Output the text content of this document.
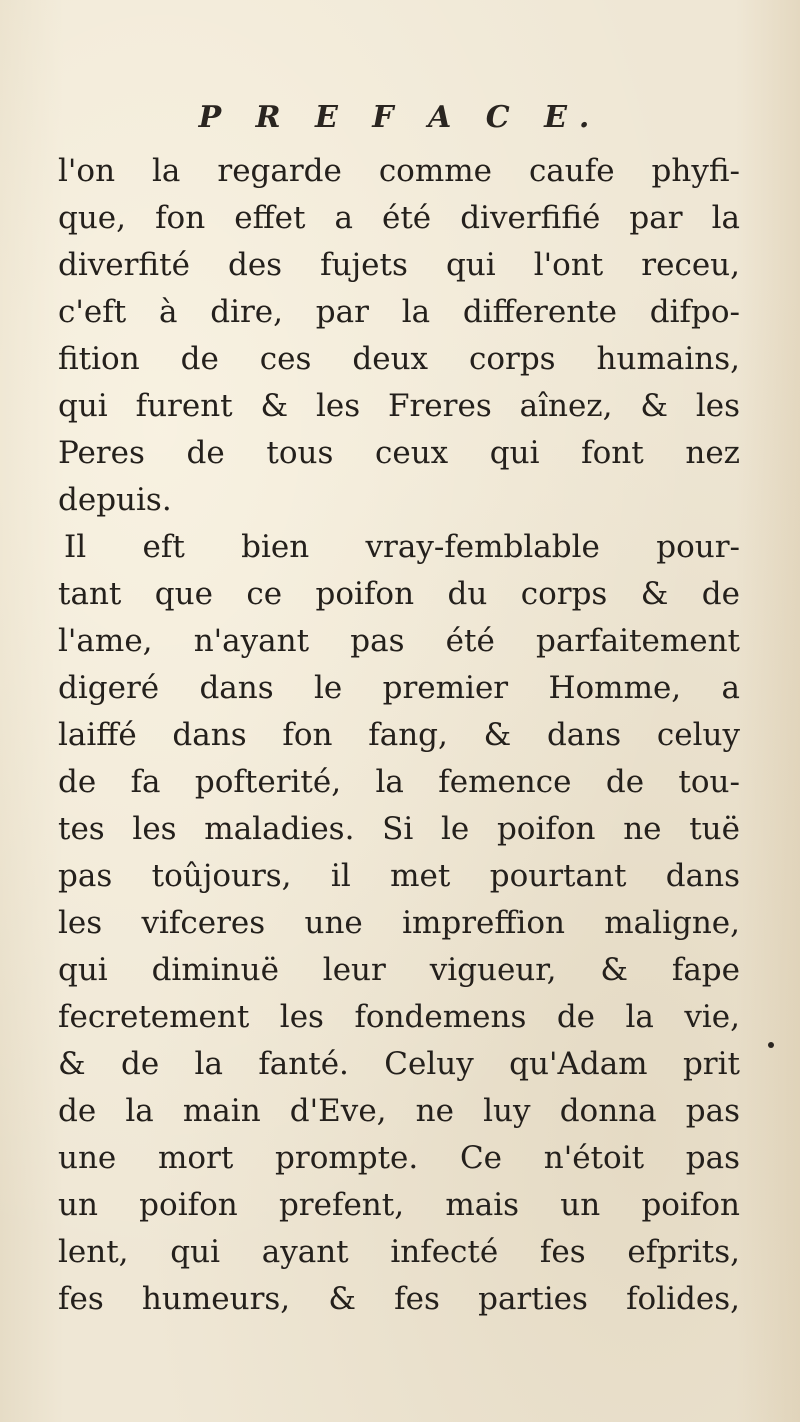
P R E F A C E.
l'on la regarde comme caufe phyfi-
que, fon effet a été diverfifié par la
diverfité des fujets qui l'ont receu,
c'eft à dire, par la differente difpo-
fition de ces deux corps humains,
qui furent & les Freres aînez, & les
Peres de tous ceux qui font nez
depuis.
Il eft bien vray-femblable pour-
tant que ce poifon du corps & de
l'ame, n'ayant pas été parfaitement
digeré dans le premier Homme, a
laiffé dans fon fang, & dans celuy
de fa pofterité, la femence de tou-
tes les maladies. Si le poifon ne tuë
pas toûjours, il met pourtant dans
les vifceres une impreffion maligne,
qui diminuë leur vigueur, & fape
fecretement les fondemens de la vie,
& de la fanté. Celuy qu'Adam prit
de la main d'Eve, ne luy donna pas
une mort prompte. Ce n'étoit pas
un poifon prefent, mais un poifon
lent, qui ayant infecté fes efprits,
fes humeurs, & fes parties folides,
